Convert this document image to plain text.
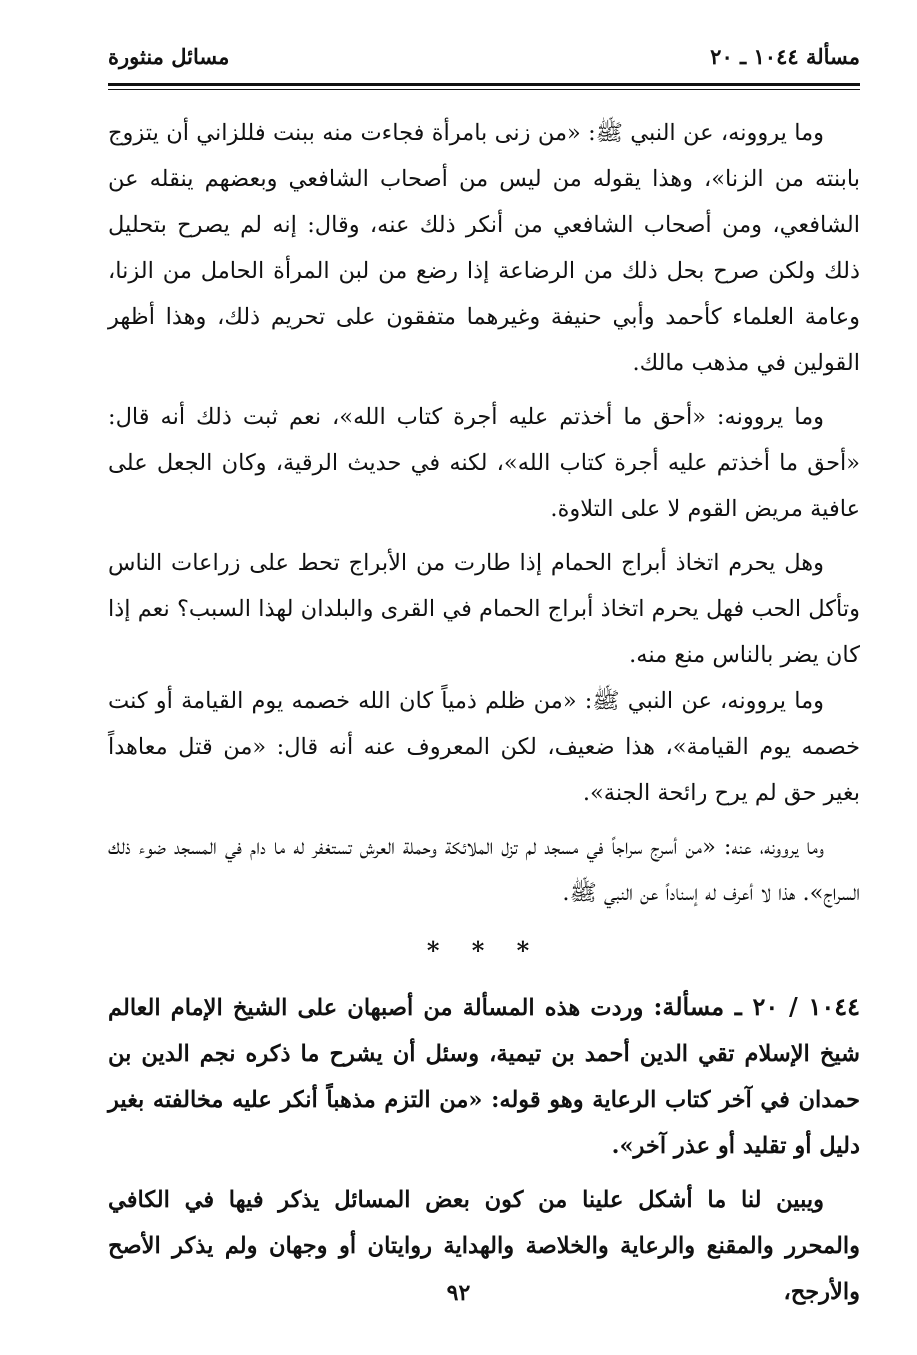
مسألة ١٠٤٤ ـ ٢٠
مسائل منثورة

وما يروونه، عن النبي ﷺ: «من زنى بامرأة فجاءت منه ببنت فللزاني أن يتزوج بابنته من الزنا»، وهذا يقوله من ليس من أصحاب الشافعي وبعضهم ينقله عن الشافعي، ومن أصحاب الشافعي من أنكر ذلك عنه، وقال: إنه لم يصرح بتحليل ذلك ولكن صرح بحل ذلك من الرضاعة إذا رضع من لبن المرأة الحامل من الزنا، وعامة العلماء كأحمد وأبي حنيفة وغيرهما متفقون على تحريم ذلك، وهذا أظهر القولين في مذهب مالك.

وما يروونه: «أحق ما أخذتم عليه أجرة كتاب الله»، نعم ثبت ذلك أنه قال: «أحق ما أخذتم عليه أجرة كتاب الله»، لكنه في حديث الرقية، وكان الجعل على عافية مريض القوم لا على التلاوة.

وهل يحرم اتخاذ أبراج الحمام إذا طارت من الأبراج تحط على زراعات الناس وتأكل الحب فهل يحرم اتخاذ أبراج الحمام في القرى والبلدان لهذا السبب؟ نعم إذا كان يضر بالناس منع منه.

وما يروونه، عن النبي ﷺ: «من ظلم ذمياً كان الله خصمه يوم القيامة أو كنت خصمه يوم القيامة»، هذا ضعيف، لكن المعروف عنه أنه قال: «من قتل معاهداً بغير حق لم يرح رائحة الجنة».

وما يروونه، عنه: «من أسرج سراجاً في مسجد لم تزل الملائكة وحملة العرش تستغفر له ما دام في المسجد ضوء ذلك السراج». هذا لا أعرف له إسناداً عن النبي ﷺ.

* * *

١٠٤٤ / ٢٠ ـ مسألة: وردت هذه المسألة من أصبهان على الشيخ الإمام العالم شيخ الإسلام تقي الدين أحمد بن تيمية، وسئل أن يشرح ما ذكره نجم الدين بن حمدان في آخر كتاب الرعاية وهو قوله: «من التزم مذهباً أنكر عليه مخالفته بغير دليل أو تقليد أو عذر آخر».

ويبين لنا ما أشكل علينا من كون بعض المسائل يذكر فيها في الكافي والمحرر والمقنع والرعاية والخلاصة والهداية روايتان أو وجهان ولم يذكر الأصح والأرجح،

٩٢
